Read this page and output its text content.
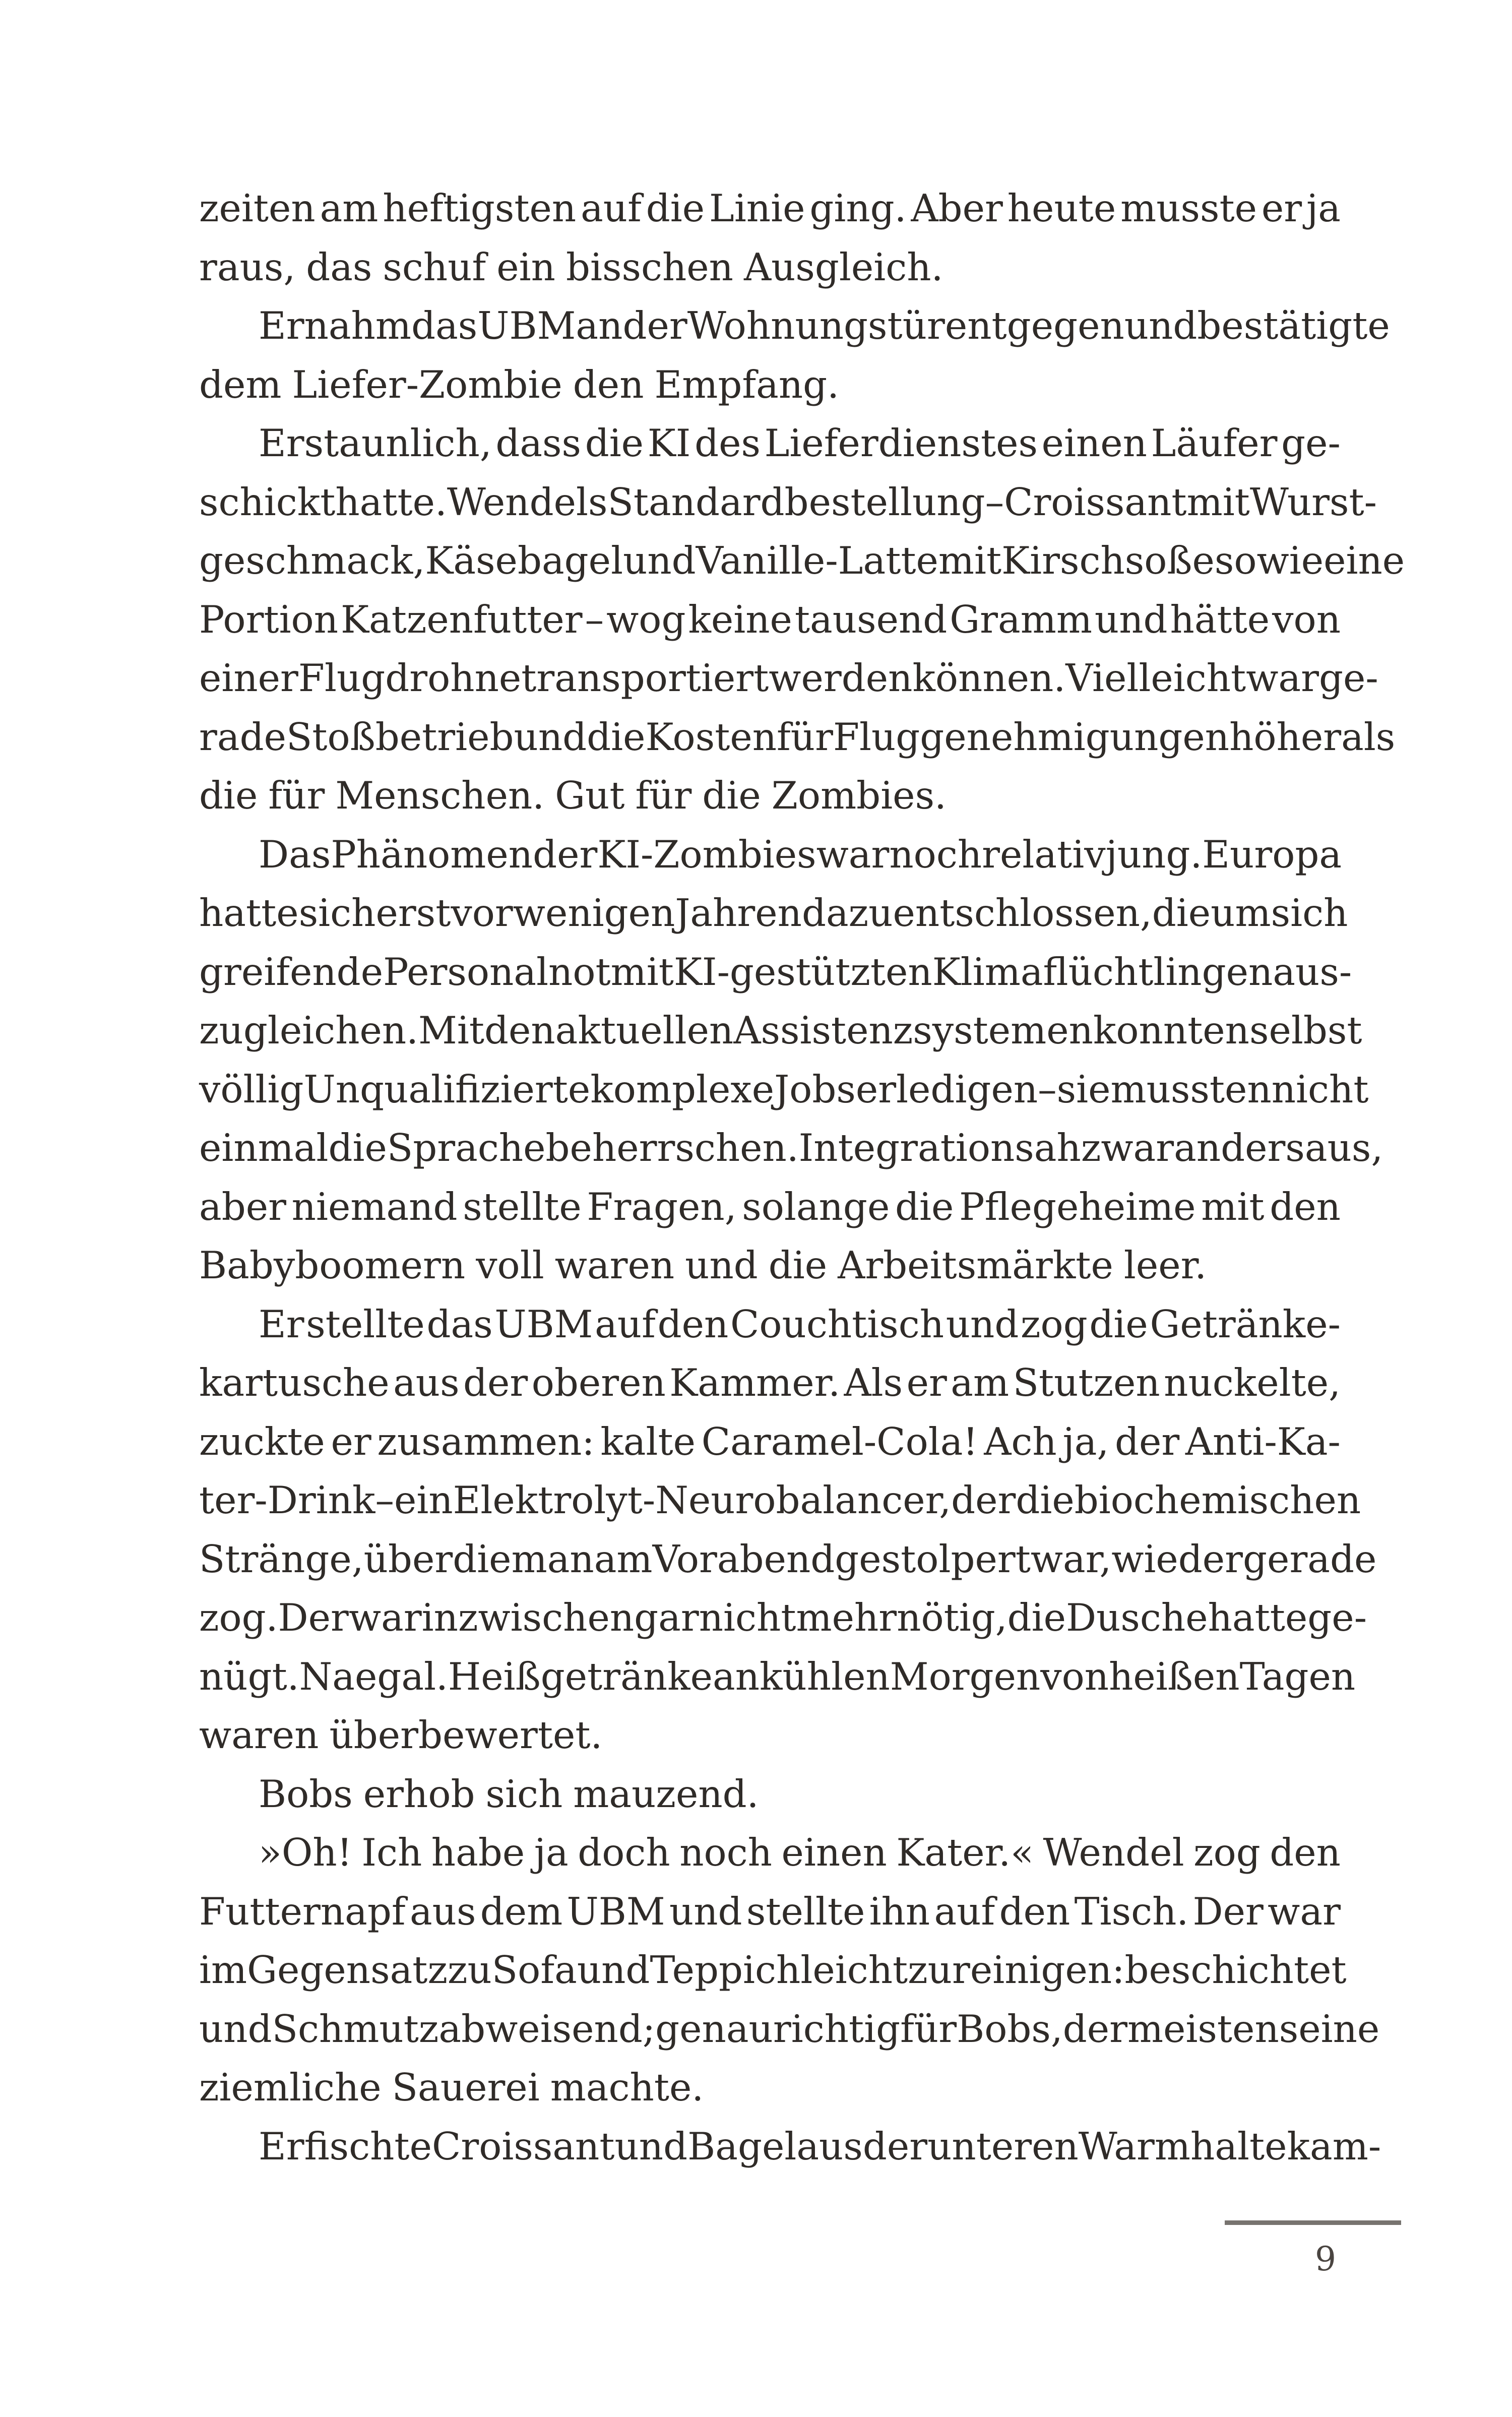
zeiten am heftigsten auf die Linie ging. Aber heute musste er ja
raus, das schuf ein bisschen Ausgleich.
Er nahm das UBM an der Wohnungstür entgegen und bestätigte
dem Liefer-Zombie den Empfang.
Erstaunlich, dass die KI des Lieferdienstes einen Läufer ge-
schickt hatte. Wendels Standardbestellung – Croissant mit Wurst-
geschmack, Käsebagel und Vanille-Latte mit Kirschsoße sowie eine
Portion Katzenfutter – wog keine tausend Gramm und hätte von
einer Flugdrohne transportiert werden können. Vielleicht war ge-
rade Stoßbetrieb und die Kosten für Fluggenehmigungen höher als
die für Menschen. Gut für die Zombies.
Das Phänomen der KI-Zombies war noch relativ jung. Europa
hatte sich erst vor wenigen Jahren dazu entschlossen, die um sich
greifende Personalnot mit KI-gestützten Klimaflüchtlingen aus-
zugleichen. Mit den aktuellen Assistenzsystemen konnten selbst
völlig Unqualifizierte komplexe Jobs erledigen – sie mussten nicht
einmal die Sprache beherrschen. Integration sah zwar anders aus,
aber niemand stellte Fragen, solange die Pflegeheime mit den
Babyboomern voll waren und die Arbeitsmärkte leer.
Er stellte das UBM auf den Couchtisch und zog die Getränke-
kartusche aus der oberen Kammer. Als er am Stutzen nuckelte,
zuckte er zusammen: kalte Caramel-Cola! Ach ja, der Anti-Ka-
ter-Drink – ein Elektrolyt-Neurobalancer, der die biochemischen
Stränge, über die man am Vorabend gestolpert war, wieder gerade
zog. Der war inzwischen gar nicht mehr nötig, die Dusche hatte ge-
nügt. Na egal. Heißgetränke an kühlen Morgen von heißen Tagen
waren überbewertet.
Bobs erhob sich mauzend.
»Oh! Ich habe ja doch noch einen Kater.« Wendel zog den
Futternapf aus dem UBM und stellte ihn auf den Tisch. Der war
im Gegensatz zu Sofa und Teppich leicht zu reinigen: beschichtet
und Schmutz abweisend; genau richtig für Bobs, der meistens eine
ziemliche Sauerei machte.
Er fischte Croissant und Bagel aus der unteren Warmhaltekam-
9
